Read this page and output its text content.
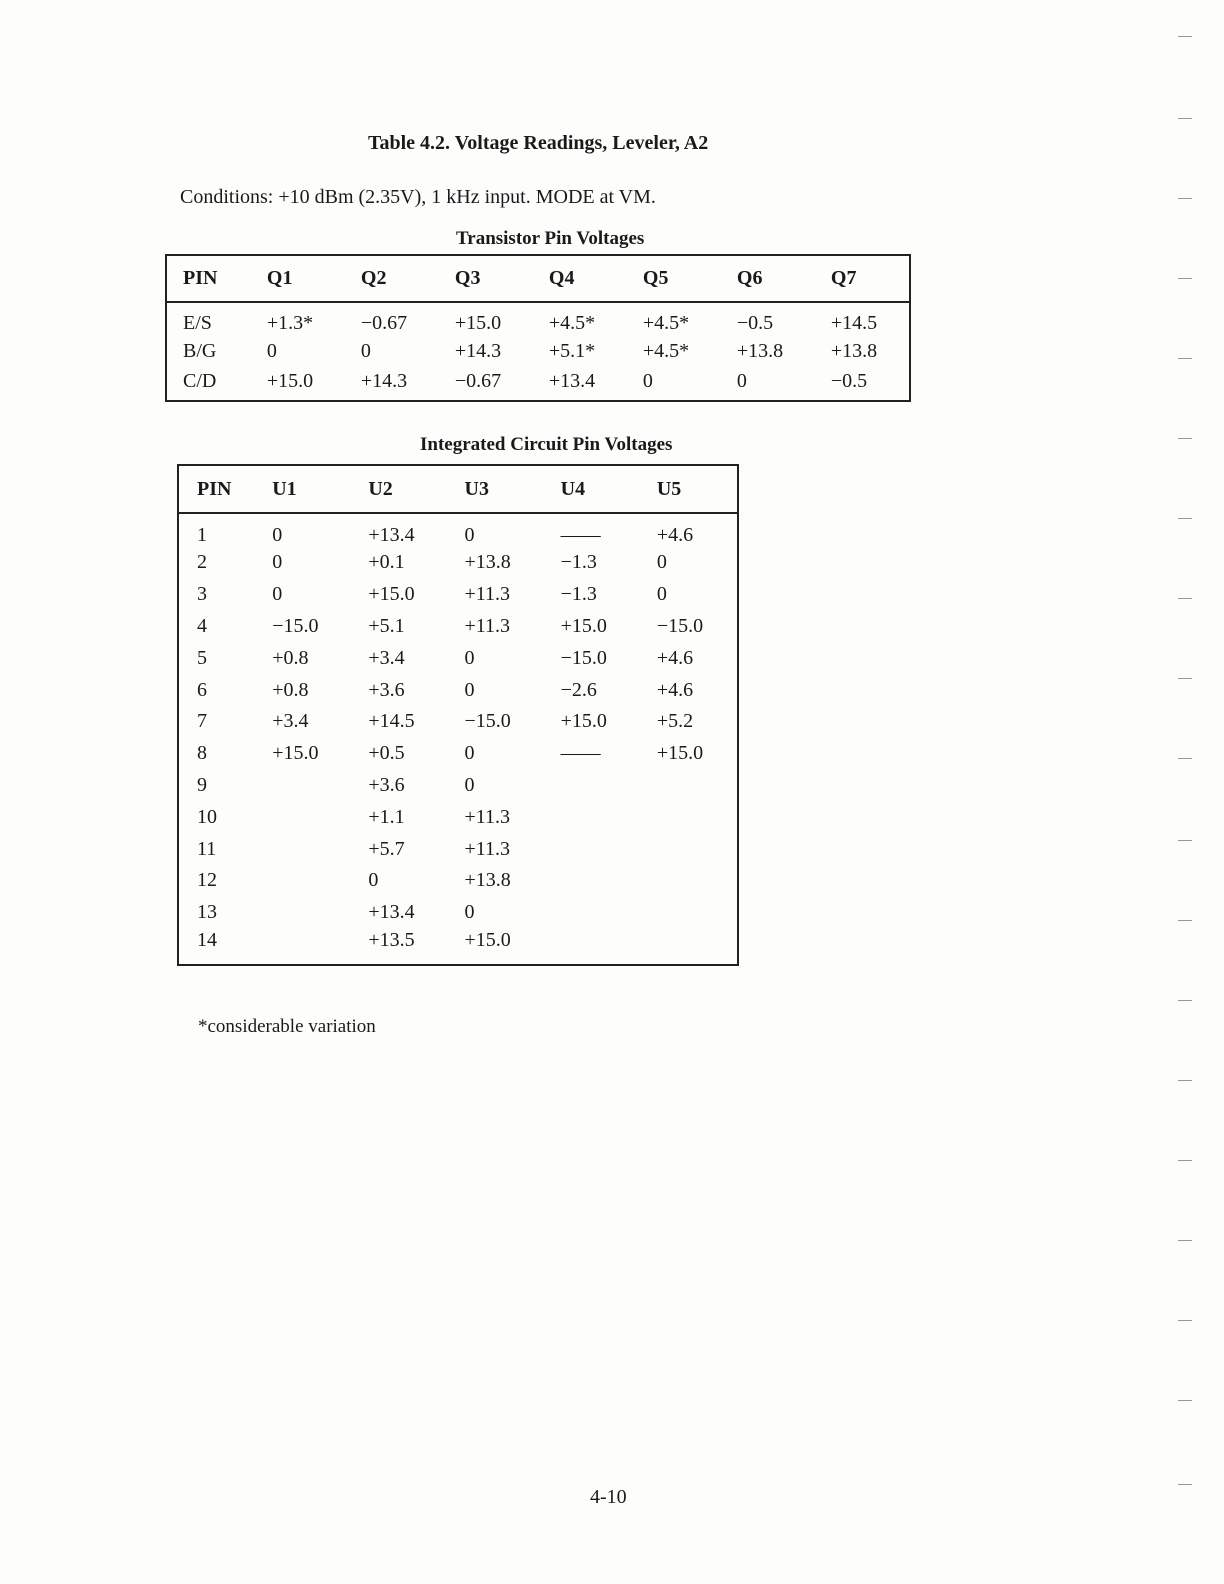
Table 4.2. Voltage Readings, Leveler, A2
Conditions: +10 dBm (2.35V), 1 kHz input. MODE at VM.
Transistor Pin Voltages
PIN	Q1	Q2	Q3	Q4	Q5	Q6	Q7
E/S	+1.3*	−0.67	+15.0	+4.5*	+4.5*	−0.5	+14.5
B/G	0	0	+14.3	+5.1*	+4.5*	+13.8	+13.8
C/D	+15.0	+14.3	−0.67	+13.4	0	0	−0.5
Integrated Circuit Pin Voltages
PIN	U1	U2	U3	U4	U5
1	0	+13.4	0	——	+4.6
2	0	+0.1	+13.8	−1.3	0
3	0	+15.0	+11.3	−1.3	0
4	−15.0	+5.1	+11.3	+15.0	−15.0
5	+0.8	+3.4	0	−15.0	+4.6
6	+0.8	+3.6	0	−2.6	+4.6
7	+3.4	+14.5	−15.0	+15.0	+5.2
8	+15.0	+0.5	0	——	+15.0
9		+3.6	0		
10		+1.1	+11.3		
11		+5.7	+11.3		
12		0	+13.8		
13		+13.4	0		
14		+13.5	+15.0		
*considerable variation
4-10
